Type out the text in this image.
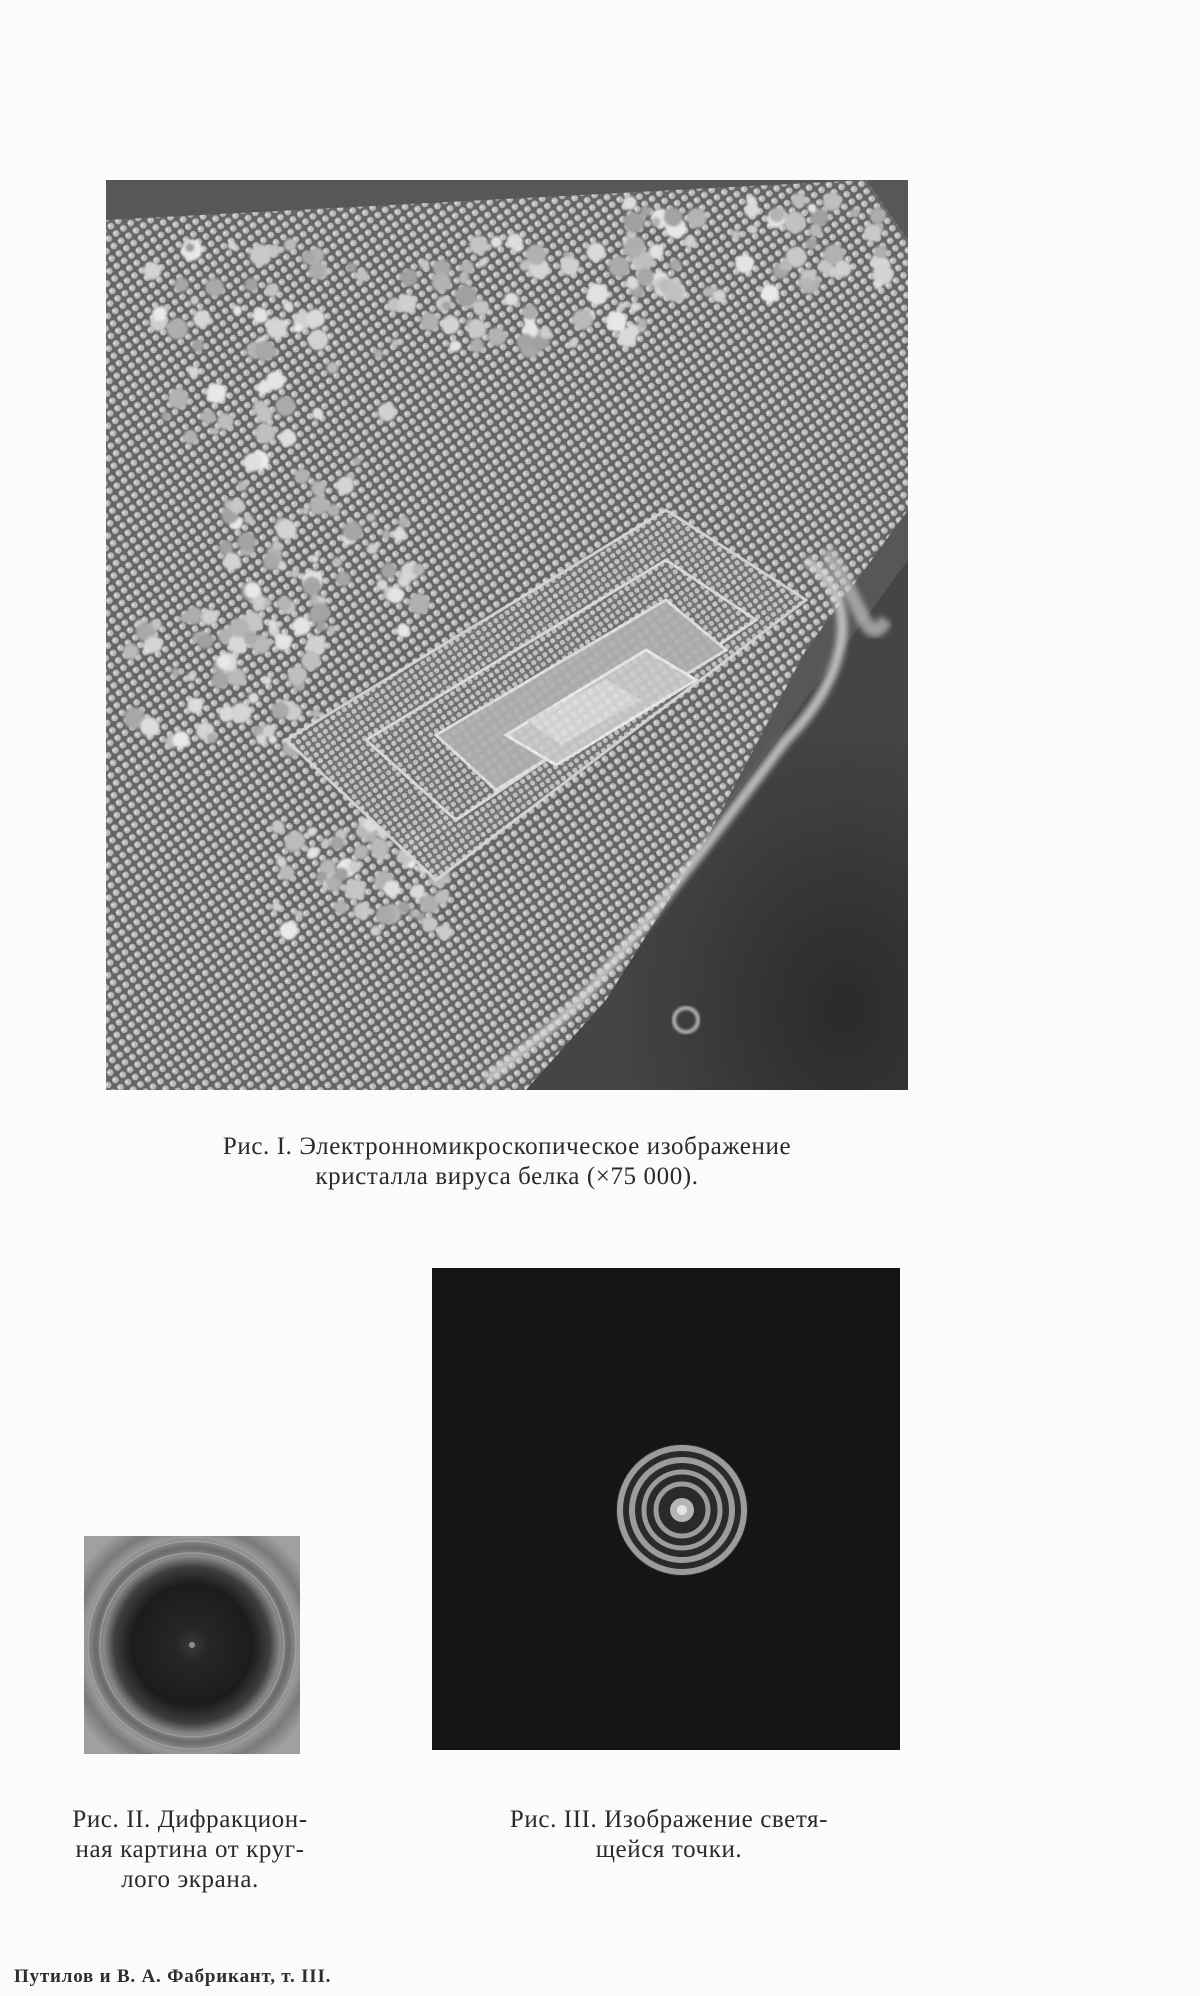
Рис. I. Электронномикроскопическое изображение
кристалла вируса белка (×75 000).
Рис. II. Дифракцион-
ная картина от круг-
лого экрана.
Рис. III. Изображение светя-
щейся точки.
Путилов и В. А. Фабрикант, т. III.
